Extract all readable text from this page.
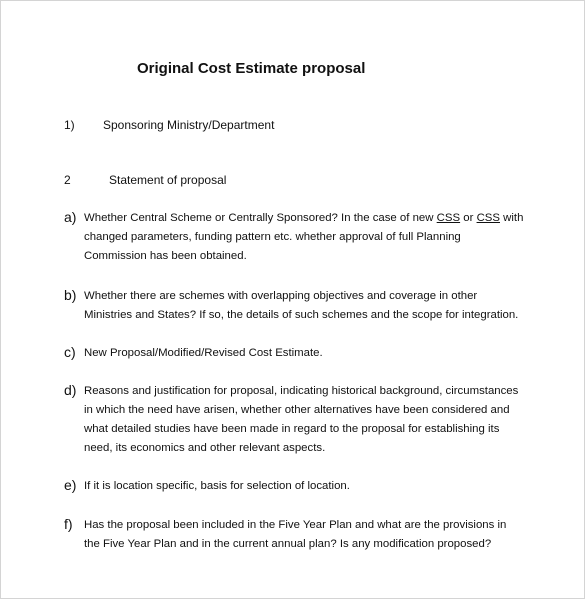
Original Cost Estimate proposal
1) Sponsoring Ministry/Department
2	Statement of proposal
a) Whether Central Scheme or Centrally Sponsored? In the case of new CSS or CSS with changed parameters, funding pattern etc. whether approval of full Planning Commission has been obtained.
b) Whether there are schemes with overlapping objectives and coverage in other Ministries and States? If so, the details of such schemes and the scope for integration.
c) New Proposal/Modified/Revised Cost Estimate.
d) Reasons and justification for proposal, indicating historical background, circumstances in which the need have arisen, whether other alternatives have been considered and what detailed studies have been made in regard to the proposal for establishing its need, its economics and other relevant aspects.
e) If it is location specific, basis for selection of location.
f) Has the proposal been included in the Five Year Plan and what are the provisions in the Five Year Plan and in the current annual plan? Is any modification proposed?
